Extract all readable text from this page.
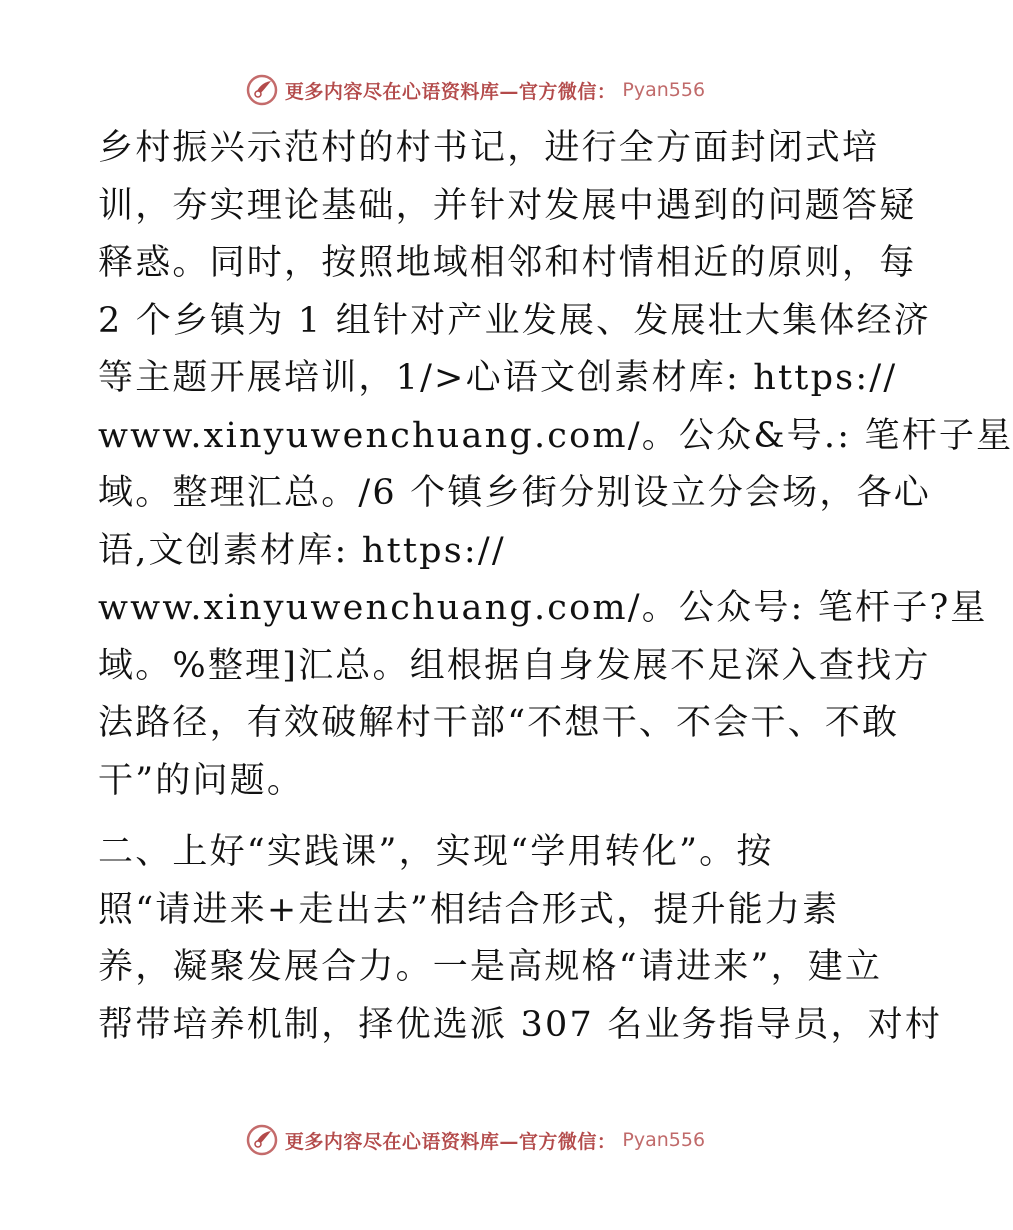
更多内容尽在心语资料库—官方微信： Pyan556
乡村振兴示范村的村书记，进行全方面封闭式培
训，夯实理论基础，并针对发展中遇到的问题答疑
释惑。同时，按照地域相邻和村情相近的原则，每
2 个乡镇为 1 组针对产业发展、发展壮大集体经济
等主题开展培训，1/>心语文创素材库: https://
www.xinyuwenchuang.com/。公众&号.: 笔杆子星
域。整理汇总。/6 个镇乡街分别设立分会场，各心
语,文创素材库: https://
www.xinyuwenchuang.com/。公众号: 笔杆子?星
域。%整理]汇总。组根据自身发展不足深入查找方
法路径，有效破解村干部“不想干、不会干、不敢
干”的问题。
二、上好“实践课”，实现“学用转化”。按
照“请进来+走出去”相结合形式，提升能力素
养，凝聚发展合力。一是高规格“请进来”，建立
帮带培养机制，择优选派 307 名业务指导员，对村
更多内容尽在心语资料库—官方微信： Pyan556
